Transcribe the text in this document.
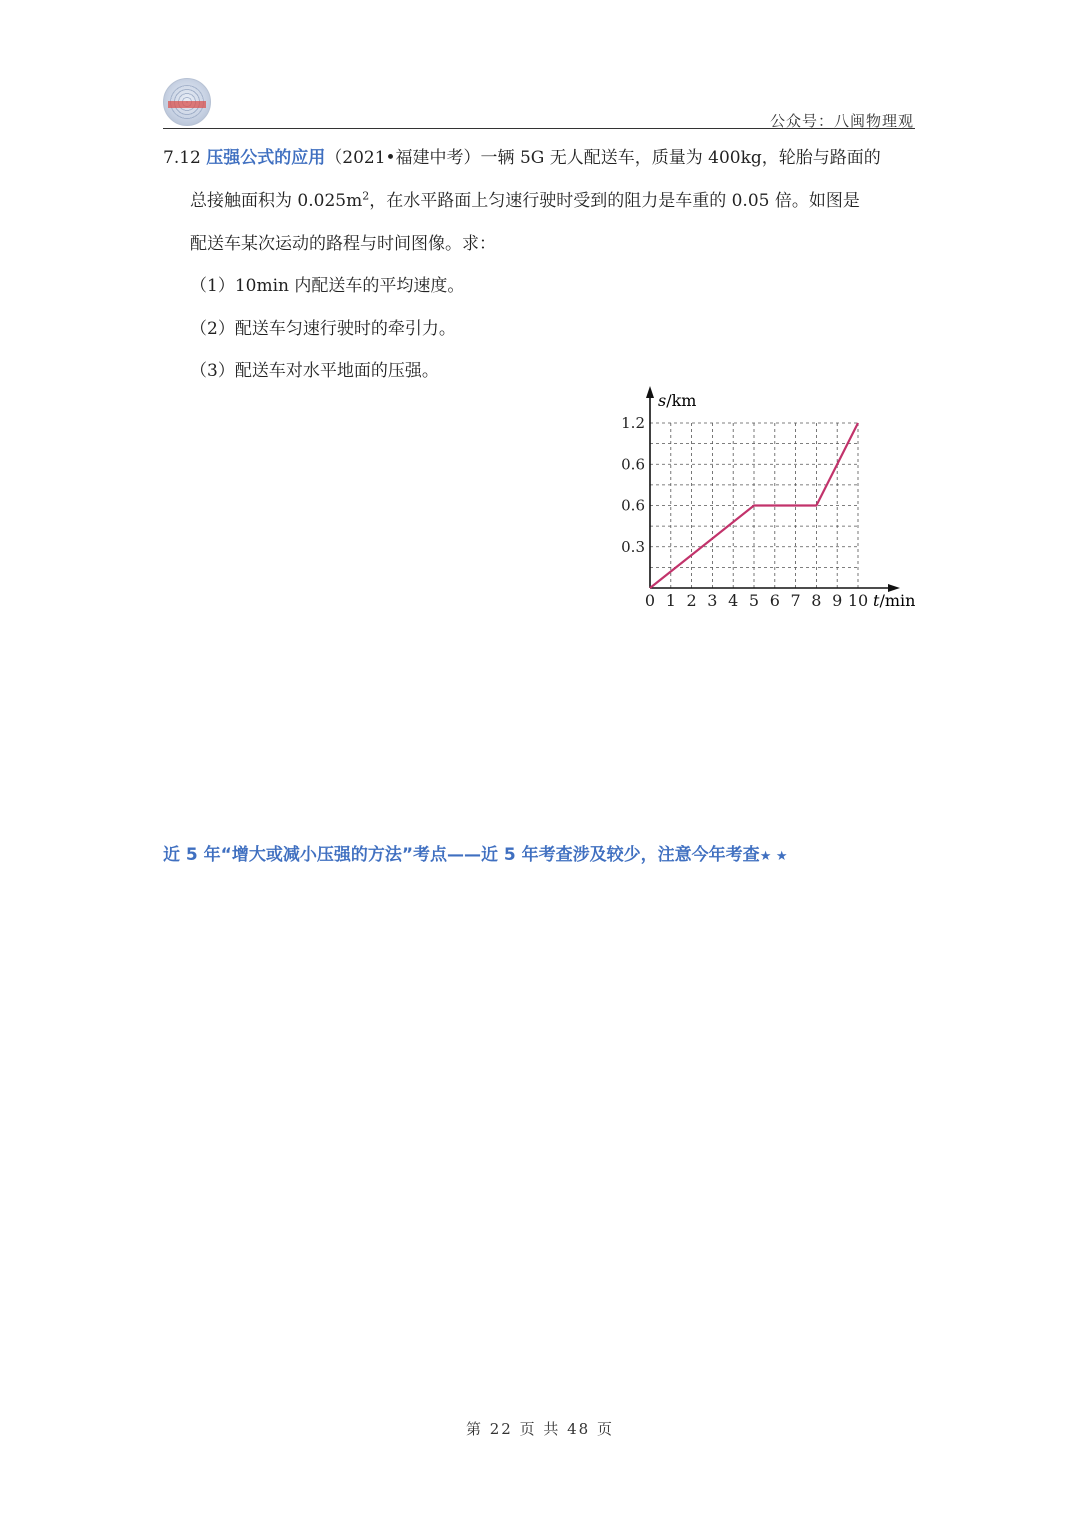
公众号：八闽物理观
7.12 压强公式的应用（2021•福建中考）一辆 5G 无人配送车，质量为 400kg，轮胎与路面的
总接触面积为 $0.025m^2$，在水平路面上匀速行驶时受到的阻力是车重的 0.05 倍。如图是
配送车某次运动的路程与时间图像。求：
（1）10min 内配送车的平均速度。
（2）配送车匀速行驶时的牵引力。
（3）配送车对水平地面的压强。
0 1 2 3 4 5 6 7 8 9 10
0.3
0.6
0.6
1.2
s/km
t/min
近 5 年“增大或减小压强的方法”考点——近 5 年考查涉及较少，注意今年考查★ ★
第 22 页 共 48 页
